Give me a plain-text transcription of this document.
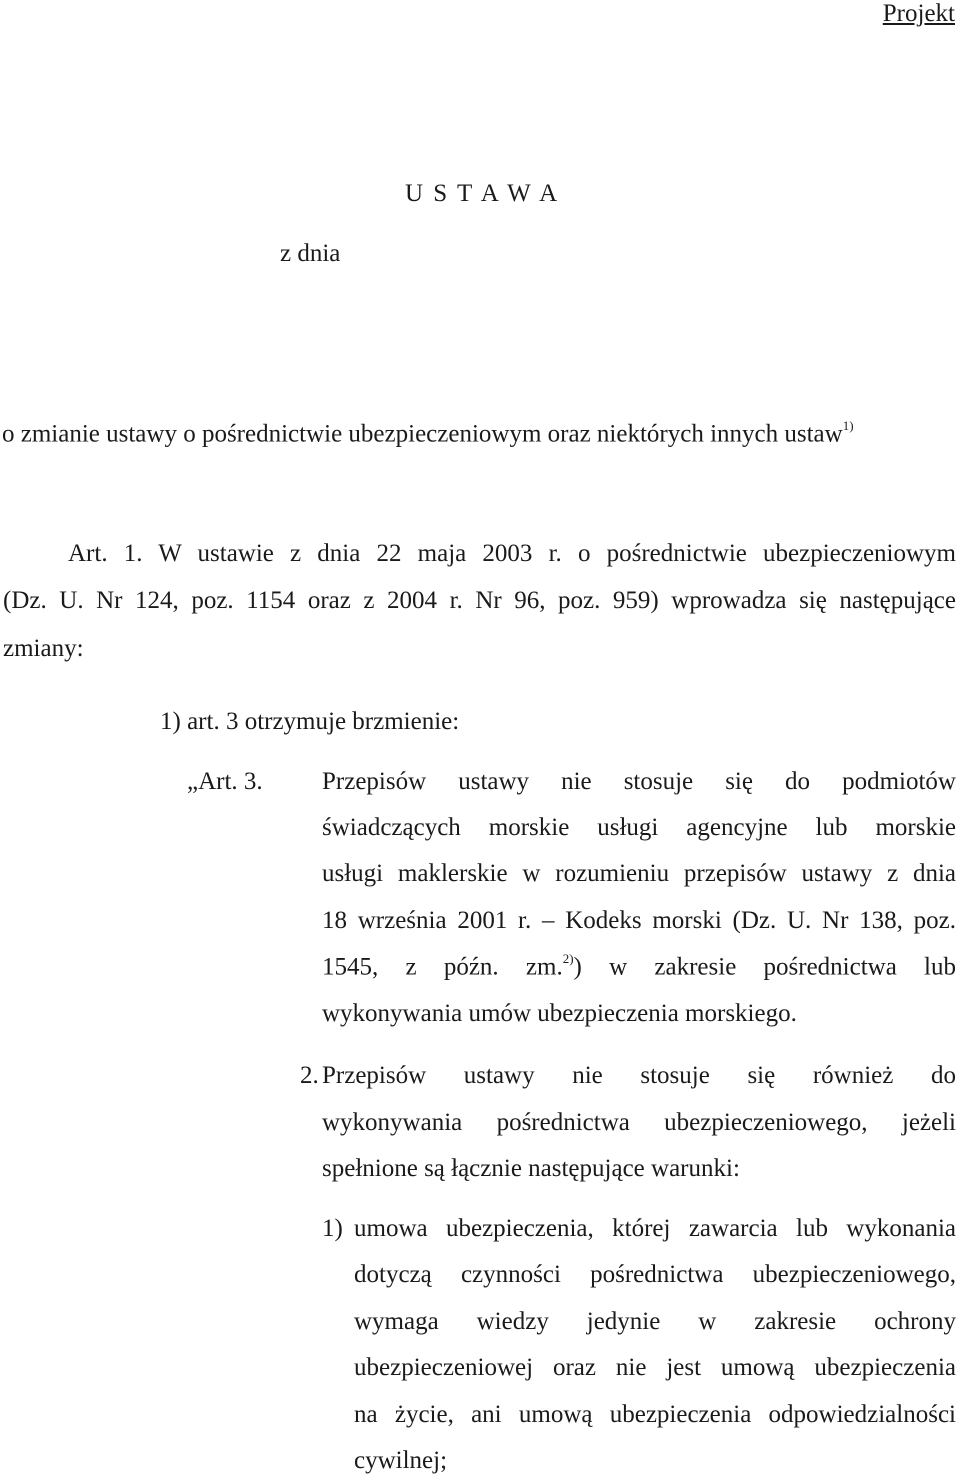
Projekt
U S T A W A
z dnia
o zmianie ustawy o pośrednictwie ubezpieczeniowym oraz niektórych innych ustaw$^{1)}$
Art. 1. W ustawie z dnia 22 maja 2003 r. o pośrednictwie ubezpieczeniowym
(Dz. U. Nr 124, poz. 1154 oraz z 2004 r. Nr 96, poz. 959) wprowadza się następujące
zmiany:
1) art. 3 otrzymuje brzmienie:
„Art. 3. Przepisów ustawy nie stosuje się do podmiotów
świadczących morskie usługi agencyjne lub morskie
usługi maklerskie w rozumieniu przepisów ustawy z dnia
18 września 2001 r. – Kodeks morski (Dz. U. Nr 138, poz.
1545, z późn. zm.$^{2)}$) w zakresie pośrednictwa lub
wykonywania umów ubezpieczenia morskiego.
2. Przepisów ustawy nie stosuje się również do
wykonywania pośrednictwa ubezpieczeniowego, jeżeli
spełnione są łącznie następujące warunki:
1) umowa ubezpieczenia, której zawarcia lub wykonania
dotyczą czynności pośrednictwa ubezpieczeniowego,
wymaga wiedzy jedynie w zakresie ochrony
ubezpieczeniowej oraz nie jest umową ubezpieczenia
na życie, ani umową ubezpieczenia odpowiedzialności
cywilnej;
